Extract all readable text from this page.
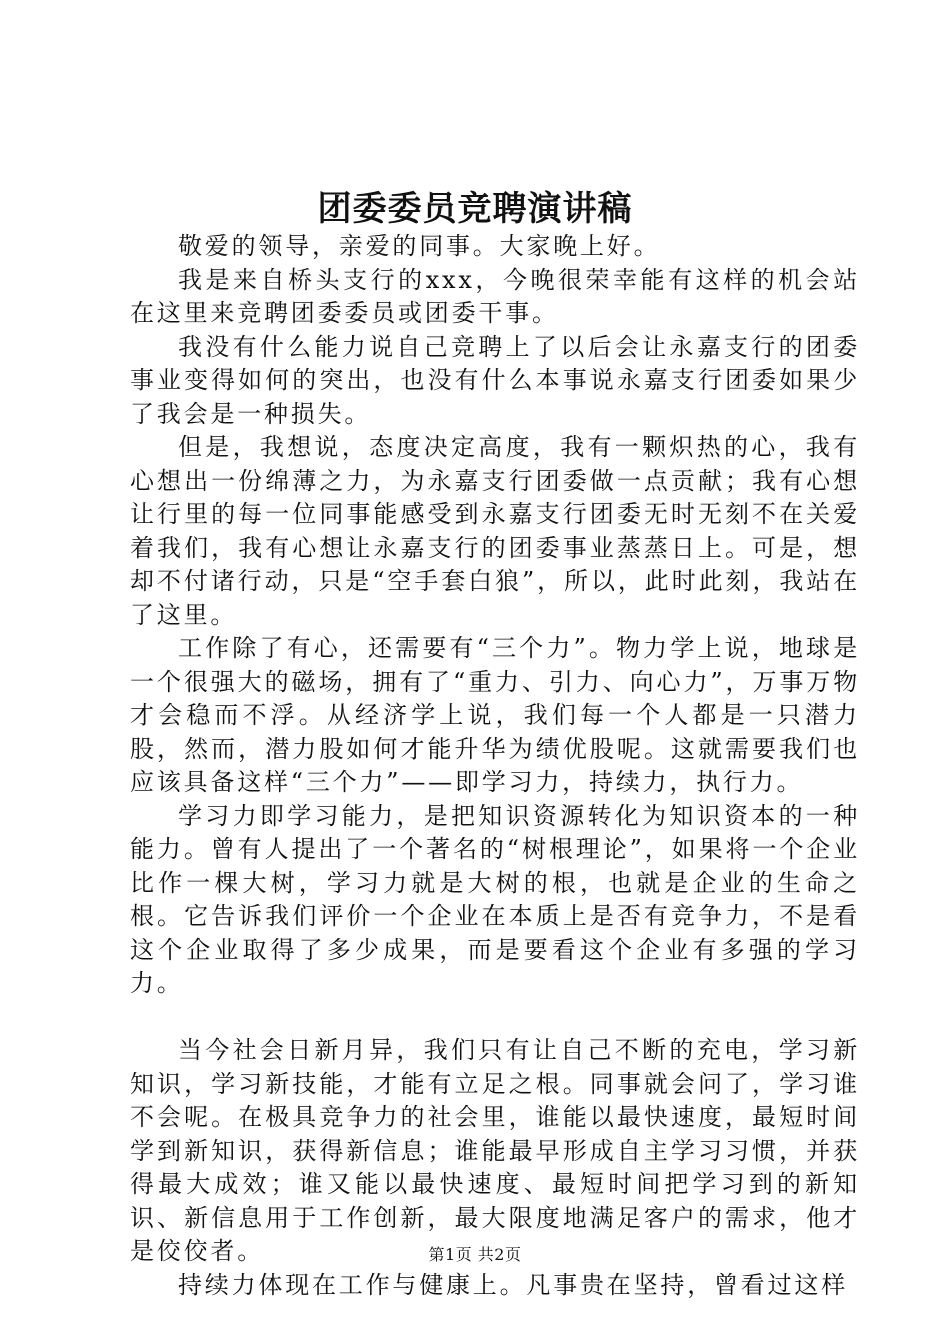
团委委员竞聘演讲稿

敬爱的领导，亲爱的同事。大家晚上好。

我是来自桥头支行的xxx，今晚很荣幸能有这样的机会站在这里来竞聘团委委员或团委干事。

我没有什么能力说自己竞聘上了以后会让永嘉支行的团委事业变得如何的突出，也没有什么本事说永嘉支行团委如果少了我会是一种损失。

但是，我想说，态度决定高度，我有一颗炽热的心，我有心想出一份绵薄之力，为永嘉支行团委做一点贡献；我有心想让行里的每一位同事能感受到永嘉支行团委无时无刻不在关爱着我们，我有心想让永嘉支行的团委事业蒸蒸日上。可是，想却不付诸行动，只是“空手套白狼”，所以，此时此刻，我站在了这里。

工作除了有心，还需要有“三个力”。物力学上说，地球是一个很强大的磁场，拥有了“重力、引力、向心力”，万事万物才会稳而不浮。从经济学上说，我们每一个人都是一只潜力股，然而，潜力股如何才能升华为绩优股呢。这就需要我们也应该具备这样“三个力”——即学习力，持续力，执行力。

学习力即学习能力，是把知识资源转化为知识资本的一种能力。曾有人提出了一个著名的“树根理论”，如果将一个企业比作一棵大树，学习力就是大树的根，也就是企业的生命之根。它告诉我们评价一个企业在本质上是否有竞争力，不是看这个企业取得了多少成果，而是要看这个企业有多强的学习力。

当今社会日新月异，我们只有让自己不断的充电，学习新知识，学习新技能，才能有立足之根。同事就会问了，学习谁不会呢。在极具竞争力的社会里，谁能以最快速度，最短时间学到新知识，获得新信息；谁能最早形成自主学习习惯，并获得最大成效；谁又能以最快速度、最短时间把学习到的新知识、新信息用于工作创新，最大限度地满足客户的需求，他才是佼佼者。

持续力体现在工作与健康上。凡事贵在坚持，曾看过这样

第1页 共2页
